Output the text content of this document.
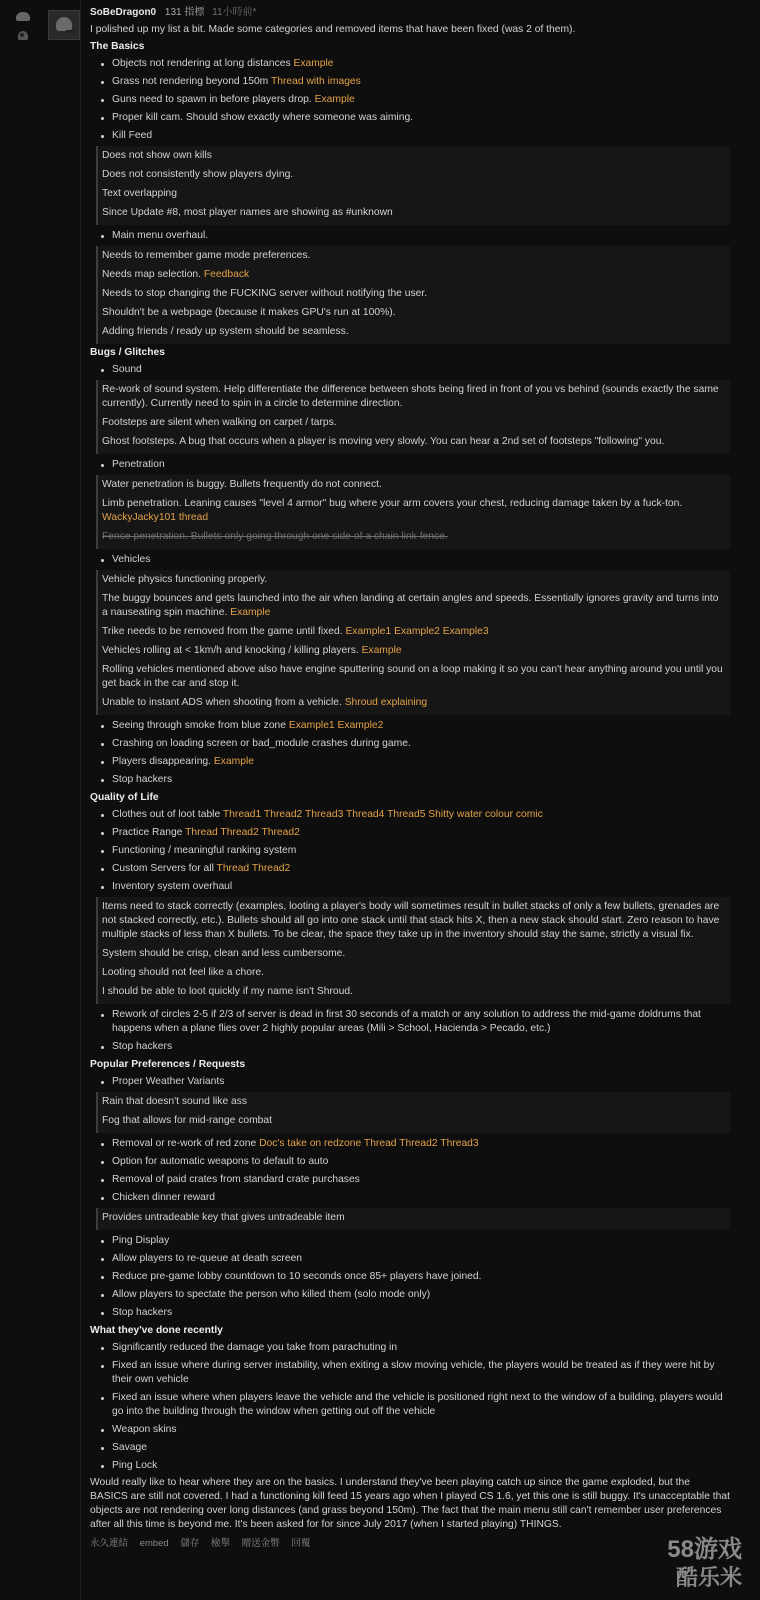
SoBeDragon0 131 指標 11小時前*
I polished up my list a bit. Made some categories and removed items that have been fixed (was 2 of them).
The Basics
Objects not rendering at long distances Example
Grass not rendering beyond 150m Thread with images
Guns need to spawn in before players drop. Example
Proper kill cam. Should show exactly where someone was aiming.
Kill Feed
Does not show own kills
Does not consistently show players dying.
Text overlapping
Since Update #8, most player names are showing as #unknown
Main menu overhaul.
Needs to remember game mode preferences.
Needs map selection. Feedback
Needs to stop changing the FUCKING server without notifying the user.
Shouldn't be a webpage (because it makes GPU's run at 100%).
Adding friends / ready up system should be seamless.
Bugs / Glitches
Sound
Re-work of sound system. Help differentiate the difference between shots being fired in front of you vs behind (sounds exactly the same currently). Currently need to spin in a circle to determine direction.
Footsteps are silent when walking on carpet / tarps.
Ghost footsteps. A bug that occurs when a player is moving very slowly. You can hear a 2nd set of footsteps "following" you.
Penetration
Water penetration is buggy. Bullets frequently do not connect.
Limb penetration. Leaning causes "level 4 armor" bug where your arm covers your chest, reducing damage taken by a fuck-ton. WackyJacky101 thread
Fence penetration. Bullets only going through one side of a chain link fence.
Vehicles
Vehicle physics functioning properly.
The buggy bounces and gets launched into the air when landing at certain angles and speeds. Essentially ignores gravity and turns into a nauseating spin machine. Example
Trike needs to be removed from the game until fixed. Example1 Example2 Example3
Vehicles rolling at < 1km/h and knocking / killing players. Example
Rolling vehicles mentioned above also have engine sputtering sound on a loop making it so you can't hear anything around you until you get back in the car and stop it.
Unable to instant ADS when shooting from a vehicle. Shroud explaining
Seeing through smoke from blue zone Example1 Example2
Crashing on loading screen or bad_module crashes during game.
Players disappearing. Example
Stop hackers
Quality of Life
Clothes out of loot table Thread1 Thread2 Thread3 Thread4 Thread5 Shitty water colour comic
Practice Range Thread Thread2 Thread2
Functioning / meaningful ranking system
Custom Servers for all Thread Thread2
Inventory system overhaul
Items need to stack correctly (examples, looting a player's body will sometimes result in bullet stacks of only a few bullets, grenades are not stacked correctly, etc.). Bullets should all go into one stack until that stack hits X, then a new stack should start. Zero reason to have multiple stacks of less than X bullets. To be clear, the space they take up in the inventory should stay the same, strictly a visual fix.
System should be crisp, clean and less cumbersome.
Looting should not feel like a chore.
I should be able to loot quickly if my name isn't Shroud.
Rework of circles 2-5 if 2/3 of server is dead in first 30 seconds of a match or any solution to address the mid-game doldrums that happens when a plane flies over 2 highly popular areas (Mili > School, Hacienda > Pecado, etc.)
Stop hackers
Popular Preferences / Requests
Proper Weather Variants
Rain that doesn't sound like ass
Fog that allows for mid-range combat
Removal or re-work of red zone Doc's take on redzone Thread Thread2 Thread3
Option for automatic weapons to default to auto
Removal of paid crates from standard crate purchases
Chicken dinner reward
Provides untradeable key that gives untradeable item
Ping Display
Allow players to re-queue at death screen
Reduce pre-game lobby countdown to 10 seconds once 85+ players have joined.
Allow players to spectate the person who killed them (solo mode only)
Stop hackers
What they've done recently
Significantly reduced the damage you take from parachuting in
Fixed an issue where during server instability, when exiting a slow moving vehicle, the players would be treated as if they were hit by their own vehicle
Fixed an issue where when players leave the vehicle and the vehicle is positioned right next to the window of a building, players would go into the building through the window when getting out off the vehicle
Weapon skins
Savage
Ping Lock
Would really like to hear where they are on the basics. I understand they've been playing catch up since the game exploded, but the BASICS are still not covered. I had a functioning kill feed 15 years ago when I played CS 1.6, yet this one is still buggy. It's unacceptable that objects are not rendering over long distances (and grass beyond 150m). The fact that the main menu still can't remember user preferences after all this time is beyond me. It's been asked for for since July 2017 (when I started playing) THINGS.
永久連結 embed 儲存 檢舉 贈送金幣 回覆	58游戏
酷乐米
